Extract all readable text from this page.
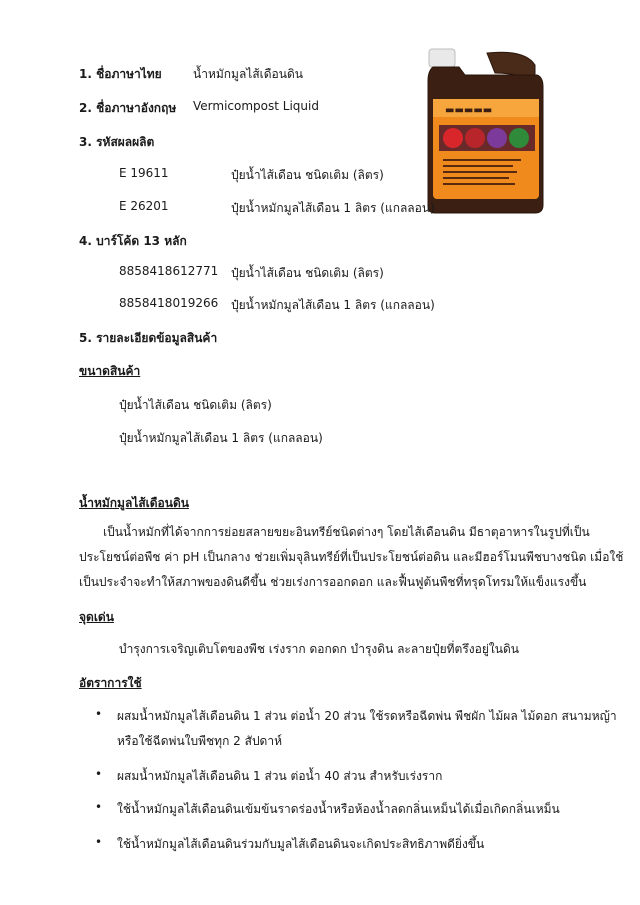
▬▬▬▬▬
1. ชื่อภาษาไทย	น้ำหมักมูลไส้เดือนดิน
2. ชื่อภาษาอังกฤษ Vermicompost Liquid
3. รหัสผลผลิต
E 19611	ปุ๋ยน้ำไส้เดือน ชนิดเติม (ลิตร)
E 26201	ปุ๋ยน้ำหมักมูลไส้เดือน 1 ลิตร (แกลลอน)
4. บาร์โค้ด 13 หลัก
8858418612771 ปุ๋ยน้ำไส้เดือน ชนิดเติม (ลิตร)
8858418019266 ปุ๋ยน้ำหมักมูลไส้เดือน 1 ลิตร (แกลลอน)
5. รายละเอียดข้อมูลสินค้า
ขนาดสินค้า
ปุ๋ยน้ำไส้เดือน ชนิดเติม (ลิตร)
ปุ๋ยน้ำหมักมูลไส้เดือน 1 ลิตร (แกลลอน)
น้ำหมักมูลไส้เดือนดิน
เป็นน้ำหมักที่ได้จากการย่อยสลายขยะอินทรีย์ชนิดต่างๆ โดยไส้เดือนดิน มีธาตุอาหารในรูปที่เป็น
ประโยชน์ต่อพืช ค่า pH เป็นกลาง ช่วยเพิ่มจุลินทรีย์ที่เป็นประโยชน์ต่อดิน และมีฮอร์โมนพืชบางชนิด เมื่อใช้
เป็นประจำจะทำให้สภาพของดินดีขึ้น ช่วยเร่งการออกดอก และฟื้นฟูต้นพืชที่ทรุดโทรมให้แข็งแรงขึ้น
จุดเด่น
บำรุงการเจริญเติบโตของพืช เร่งราก ดอกดก บำรุงดิน ละลายปุ๋ยที่ตรึงอยู่ในดิน
อัตราการใช้
• ผสมน้ำหมักมูลไส้เดือนดิน 1 ส่วน ต่อน้ำ 20 ส่วน ใช้รดหรือฉีดพ่น พืชผัก ไม้ผล ไม้ดอก สนามหญ้า
หรือใช้ฉีดพ่นใบพืชทุก 2 สัปดาห์
• ผสมน้ำหมักมูลไส้เดือนดิน 1 ส่วน ต่อน้ำ 40 ส่วน สำหรับเร่งราก
• ใช้น้ำหมักมูลไส้เดือนดินเข้มข้นราดร่องน้ำหรือห้องน้ำลดกลิ่นเหม็นได้เมื่อเกิดกลิ่นเหม็น
• ใช้น้ำหมักมูลไส้เดือนดินร่วมกับมูลไส้เดือนดินจะเกิดประสิทธิภาพดียิ่งขึ้น
